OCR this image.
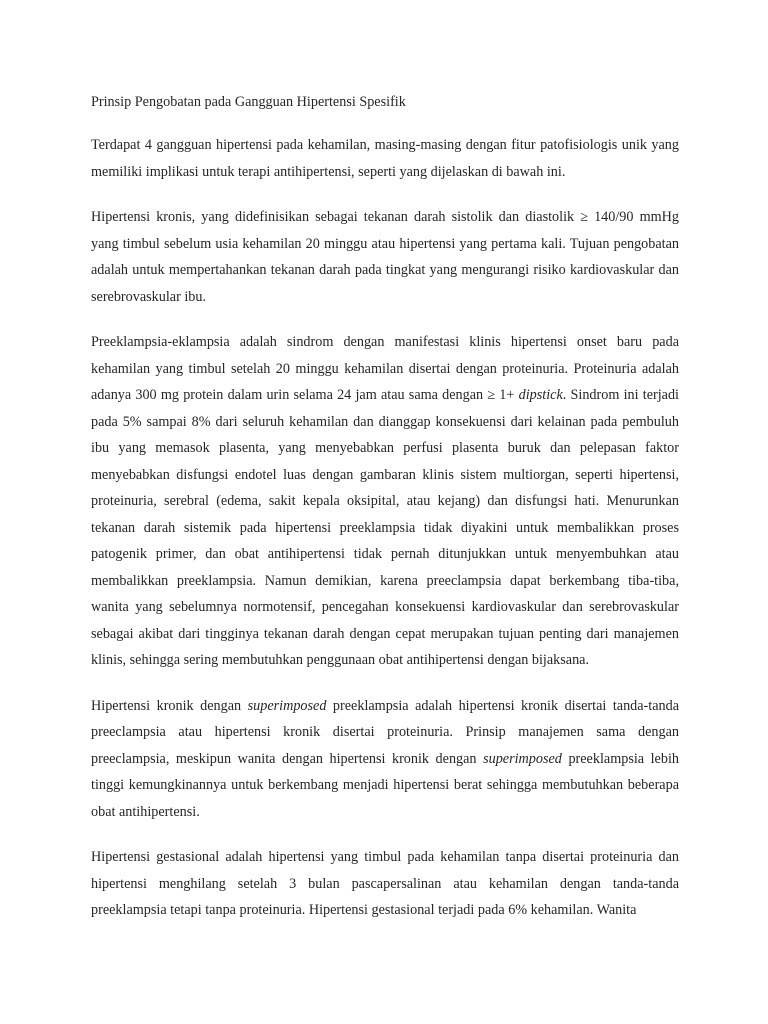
Prinsip Pengobatan pada Gangguan Hipertensi Spesifik

Terdapat 4 gangguan hipertensi pada kehamilan, masing-masing dengan fitur patofisiologis unik yang memiliki implikasi untuk terapi antihipertensi, seperti yang dijelaskan di bawah ini.

Hipertensi kronis, yang didefinisikan sebagai tekanan darah sistolik dan diastolik ≥ 140/90 mmHg yang timbul sebelum usia kehamilan 20 minggu atau hipertensi yang pertama kali. Tujuan pengobatan adalah untuk mempertahankan tekanan darah pada tingkat yang mengurangi risiko kardiovaskular dan serebrovaskular ibu.

Preeklampsia-eklampsia adalah sindrom dengan manifestasi klinis hipertensi onset baru pada kehamilan yang timbul setelah 20 minggu kehamilan disertai dengan proteinuria. Proteinuria adalah adanya 300 mg protein dalam urin selama 24 jam atau sama dengan ≥ 1+ dipstick. Sindrom ini terjadi pada 5% sampai 8% dari seluruh kehamilan dan dianggap konsekuensi dari kelainan pada pembuluh ibu yang memasok plasenta, yang menyebabkan perfusi plasenta buruk dan pelepasan faktor menyebabkan disfungsi endotel luas dengan gambaran klinis sistem multiorgan, seperti hipertensi, proteinuria, serebral (edema, sakit kepala oksipital, atau kejang) dan disfungsi hati. Menurunkan tekanan darah sistemik pada hipertensi preeklampsia tidak diyakini untuk membalikkan proses patogenik primer, dan obat antihipertensi tidak pernah ditunjukkan untuk menyembuhkan atau membalikkan preeklampsia. Namun demikian, karena preeclampsia dapat berkembang tiba-tiba, wanita yang sebelumnya normotensif, pencegahan konsekuensi kardiovaskular dan serebrovaskular sebagai akibat dari tingginya tekanan darah dengan cepat merupakan tujuan penting dari manajemen klinis, sehingga sering membutuhkan penggunaan obat antihipertensi dengan bijaksana.

Hipertensi kronik dengan superimposed preeklampsia adalah hipertensi kronik disertai tanda-tanda preeclampsia atau hipertensi kronik disertai proteinuria. Prinsip manajemen sama dengan preeclampsia, meskipun wanita dengan hipertensi kronik dengan superimposed preeklampsia lebih tinggi kemungkinannya untuk berkembang menjadi hipertensi berat sehingga membutuhkan beberapa obat antihipertensi.

Hipertensi gestasional adalah hipertensi yang timbul pada kehamilan tanpa disertai proteinuria dan hipertensi menghilang setelah 3 bulan pascapersalinan atau kehamilan dengan tanda-tanda preeklampsia tetapi tanpa proteinuria. Hipertensi gestasional terjadi pada 6% kehamilan. Wanita
